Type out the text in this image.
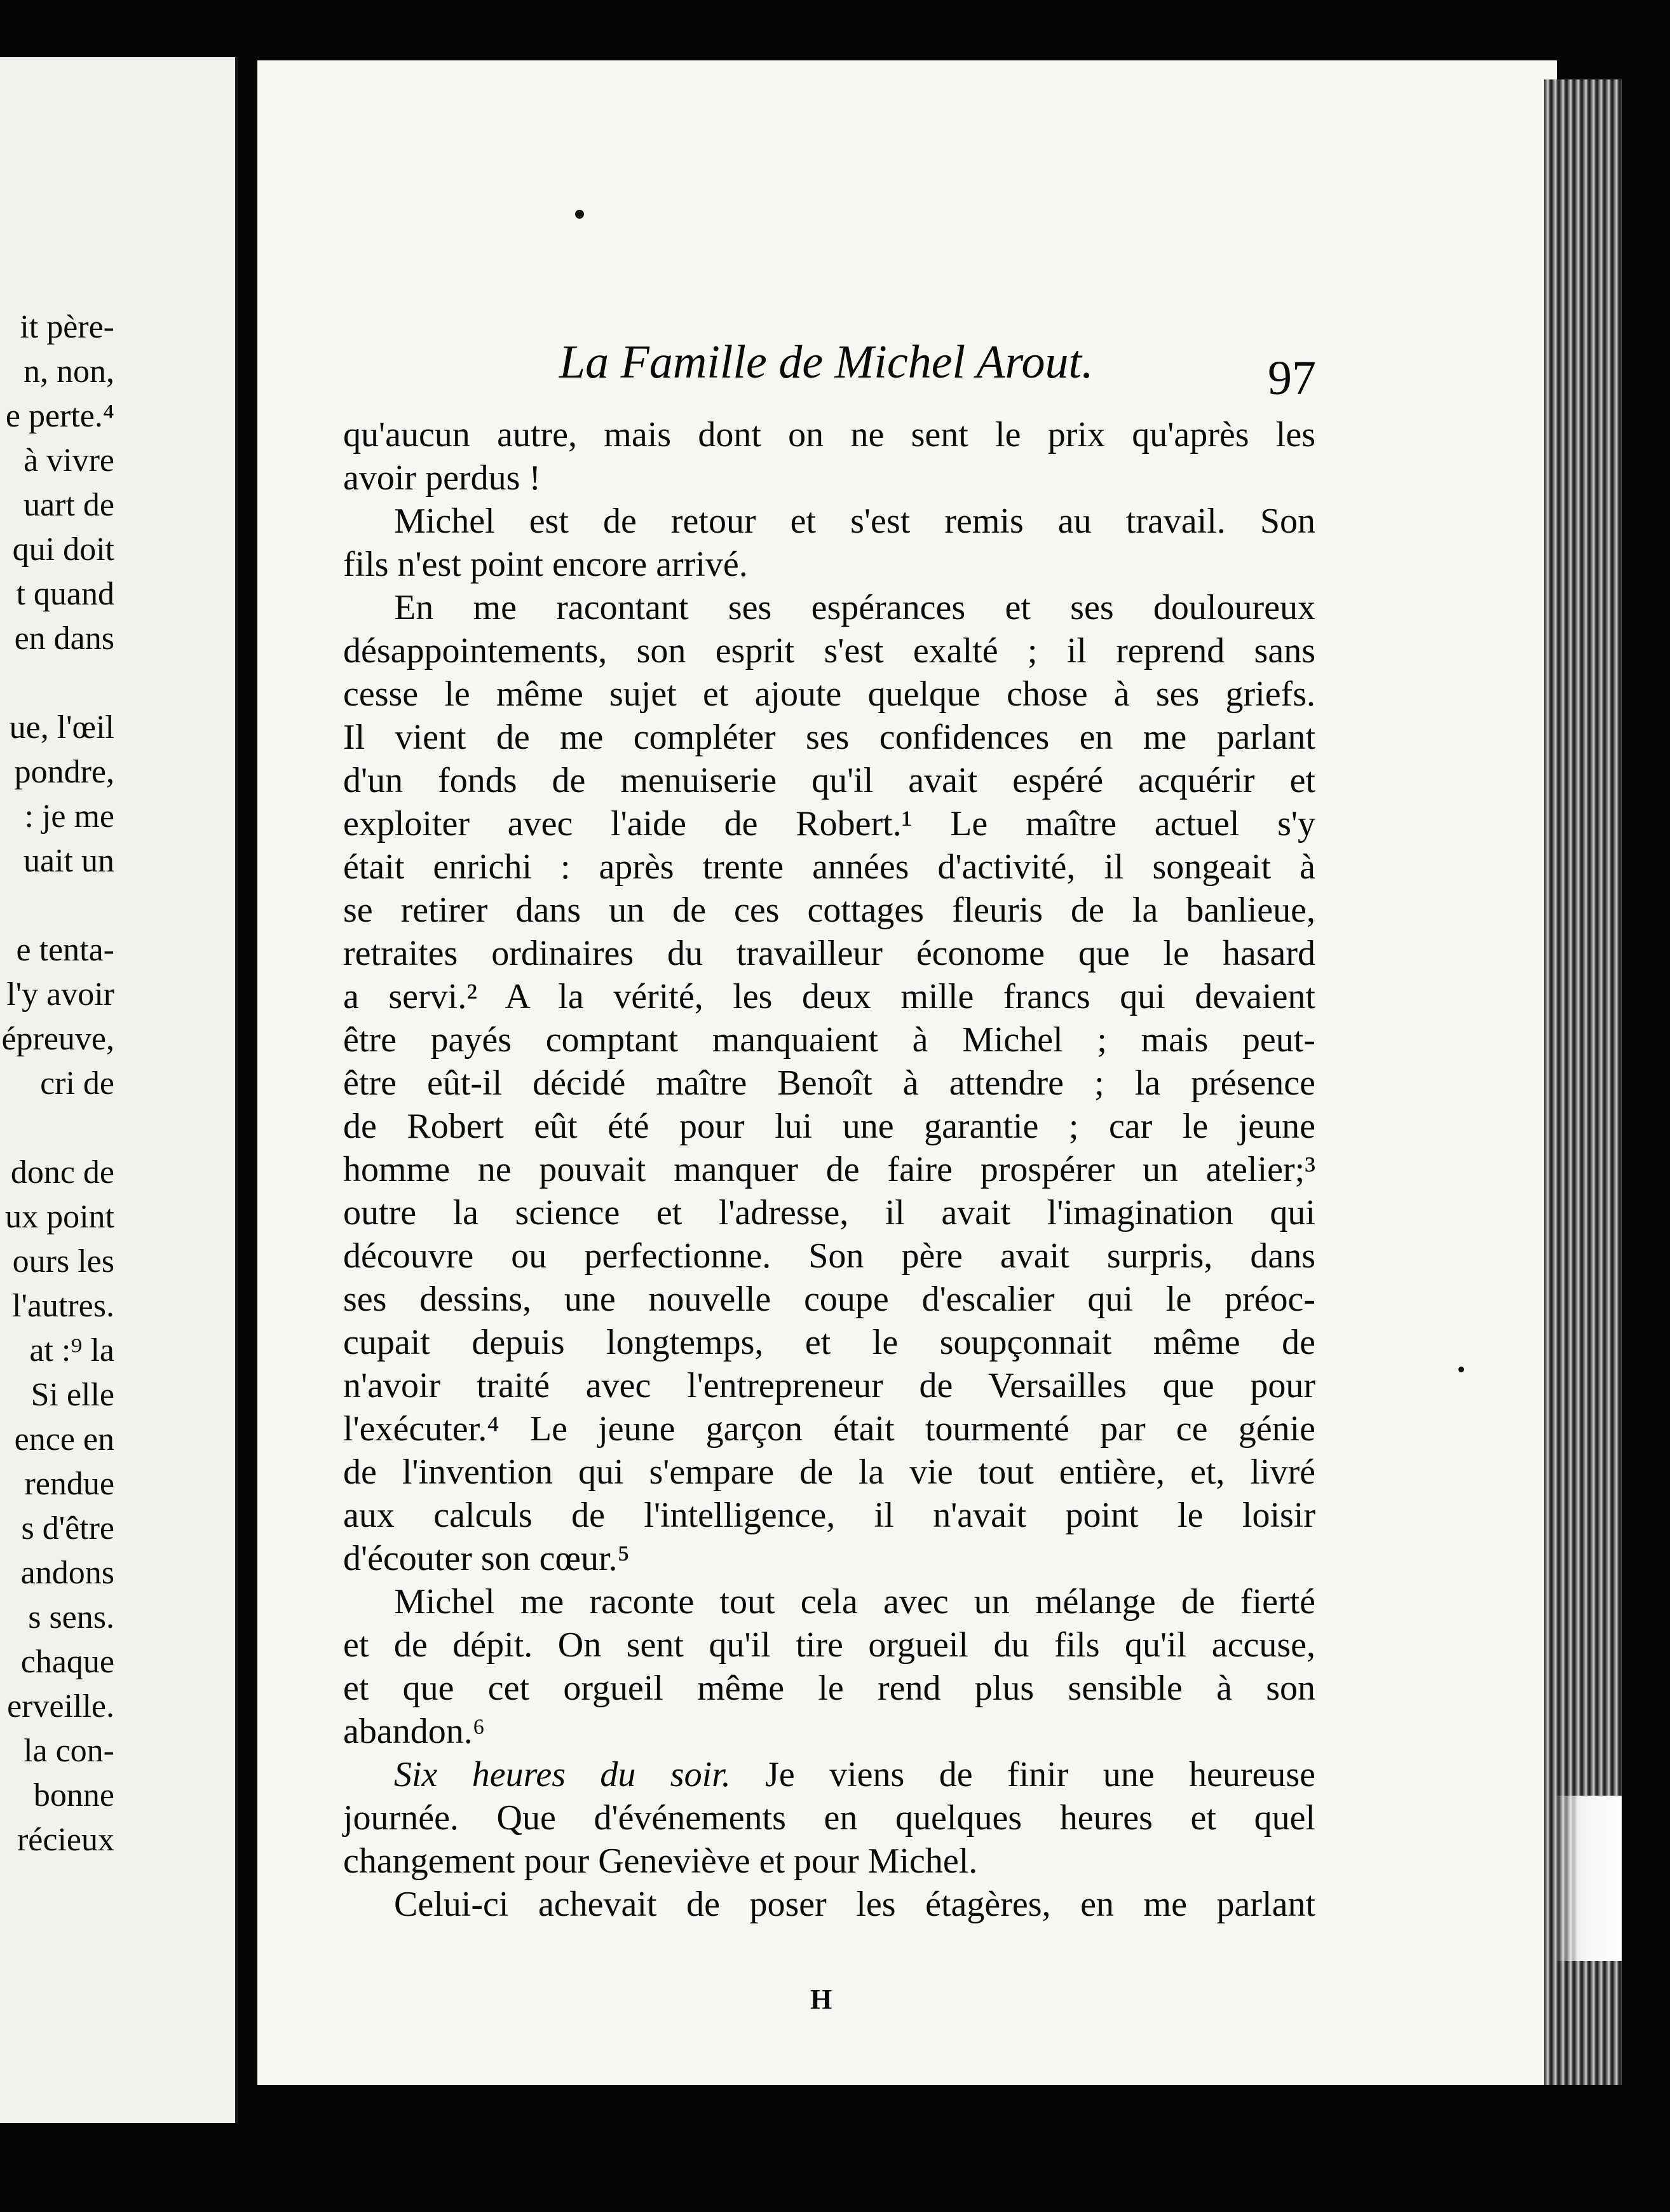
it père-
n, non,
e perte.⁴
à vivre
uart de
qui doit
t quand
en dans
ue, l'œil
pondre,
: je me
uait un
e tenta-
l'y avoir
épreuve,
cri de
donc de
ux point
ours les
l'autres.
at :⁹ la
Si elle
ence en
rendue
s d'être
andons
s sens.
chaque
erveille.
la con-
bonne
récieux
La Famille de Michel Arout.	97
qu'aucun autre, mais dont on ne sent le prix qu'après les
avoir perdus !
Michel est de retour et s'est remis au travail. Son
fils n'est point encore arrivé.
En me racontant ses espérances et ses douloureux
désappointements, son esprit s'est exalté ; il reprend sans
cesse le même sujet et ajoute quelque chose à ses griefs.
Il vient de me compléter ses confidences en me parlant
d'un fonds de menuiserie qu'il avait espéré acquérir et
exploiter avec l'aide de Robert.¹ Le maître actuel s'y
était enrichi : après trente années d'activité, il songeait à
se retirer dans un de ces cottages fleuris de la banlieue,
retraites ordinaires du travailleur économe que le hasard
a servi.² A la vérité, les deux mille francs qui devaient
être payés comptant manquaient à Michel ; mais peut-
être eût-il décidé maître Benoît à attendre ; la présence
de Robert eût été pour lui une garantie ; car le jeune
homme ne pouvait manquer de faire prospérer un atelier;³
outre la science et l'adresse, il avait l'imagination qui
découvre ou perfectionne. Son père avait surpris, dans
ses dessins, une nouvelle coupe d'escalier qui le préoc-
cupait depuis longtemps, et le soupçonnait même de
n'avoir traité avec l'entrepreneur de Versailles que pour
l'exécuter.⁴ Le jeune garçon était tourmenté par ce génie
de l'invention qui s'empare de la vie tout entière, et, livré
aux calculs de l'intelligence, il n'avait point le loisir
d'écouter son cœur.⁵
Michel me raconte tout cela avec un mélange de fierté
et de dépit. On sent qu'il tire orgueil du fils qu'il accuse,
et que cet orgueil même le rend plus sensible à son
abandon.⁶
Six heures du soir. Je viens de finir une heureuse
journée. Que d'événements en quelques heures et quel
changement pour Geneviève et pour Michel.
Celui-ci achevait de poser les étagères, en me parlant
H
